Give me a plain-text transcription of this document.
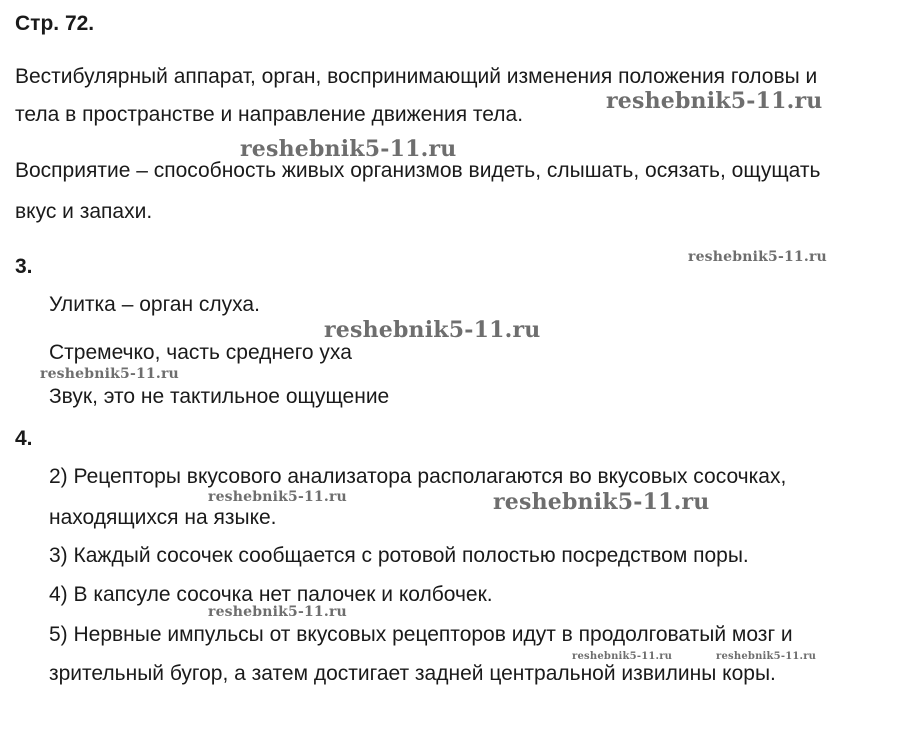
Стр. 72.
Вестибулярный аппарат, орган, воспринимающий изменения положения головы и
тела в пространстве и направление движения тела.
Восприятие – способность живых организмов видеть, слышать, осязать, ощущать
вкус и запахи.
3.
Улитка – орган слуха.
Стремечко, часть среднего уха
Звук, это не тактильное ощущение
4.
2) Рецепторы вкусового анализатора располагаются во вкусовых сосочках,
находящихся на языке.
3) Каждый сосочек сообщается с ротовой полостью посредством поры.
4) В капсуле сосочка нет палочек и колбочек.
5) Нервные импульсы от вкусовых рецепторов идут в продолговатый мозг и
зрительный бугор, а затем достигает задней центральной извилины коры.
reshebnik5-11.ru
reshebnik5-11.ru
reshebnik5-11.ru
reshebnik5-11.ru
reshebnik5-11.ru
reshebnik5-11.ru	reshebnik5-11.ru
reshebnik5-11.ru
reshebnik5-11.ru	reshebnik5-11.ru
